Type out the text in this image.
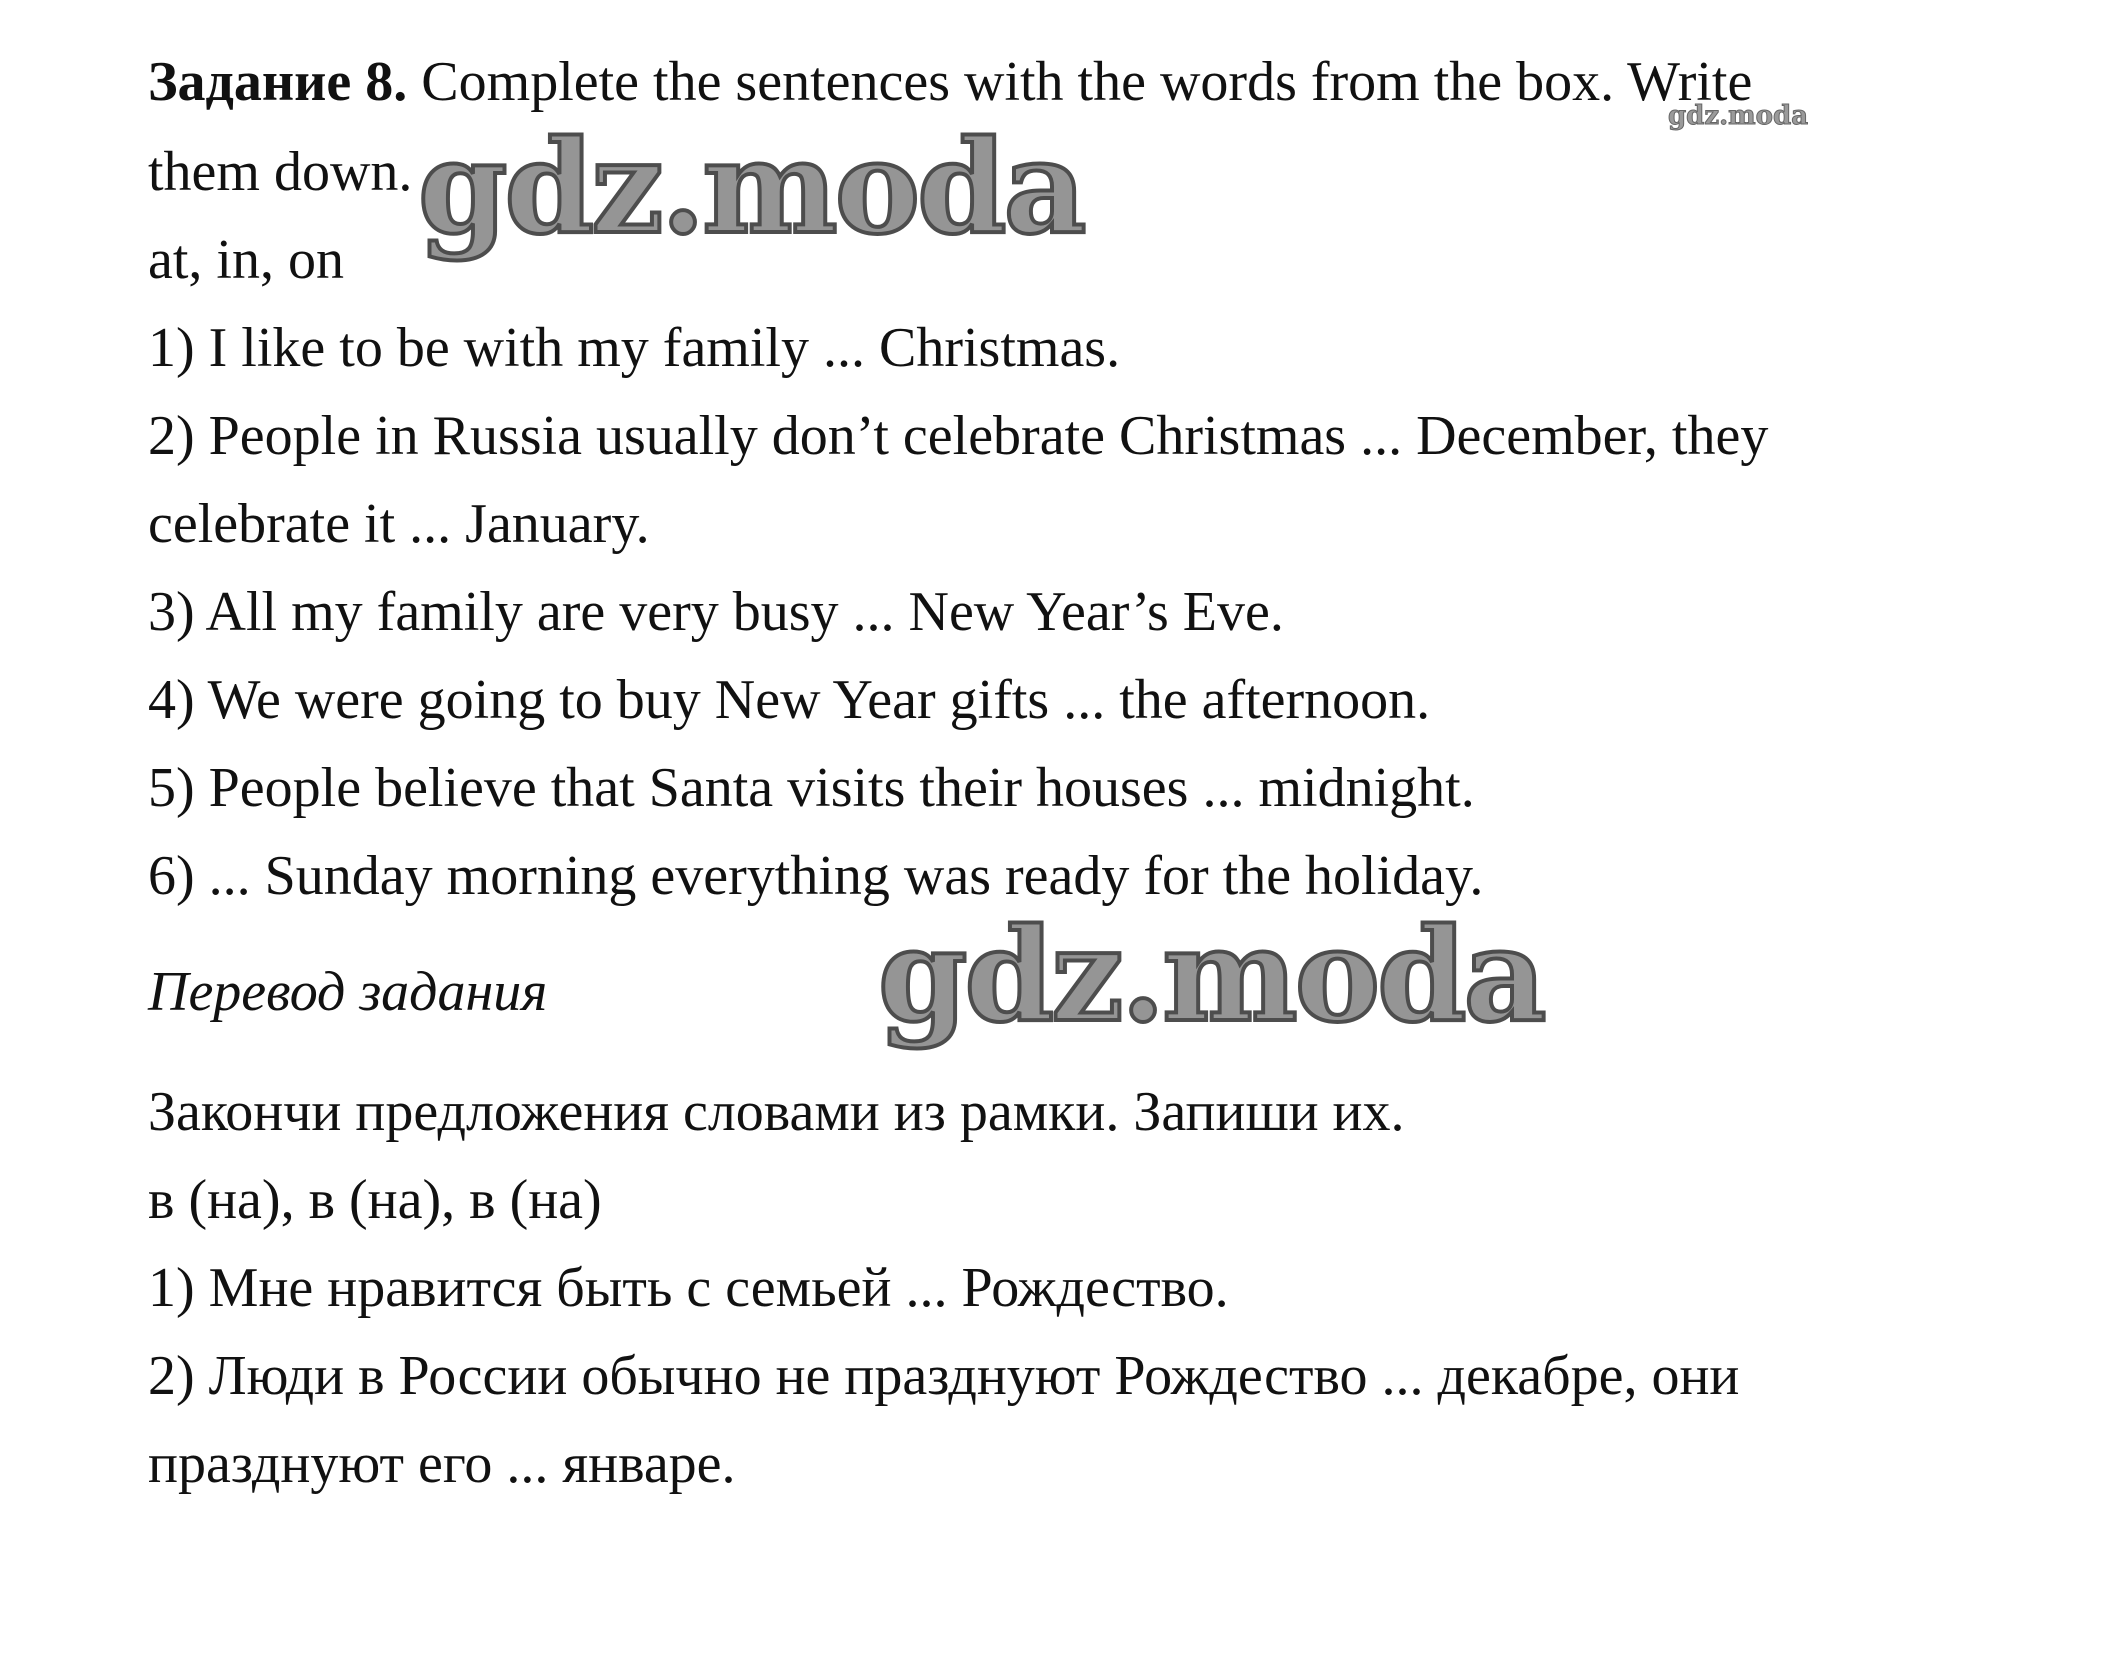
Задание 8. Complete the sentences with the words from the box. Write
gdz.moda
them down. gdz.moda
at, in, on
1) I like to be with my family ... Christmas.
2) People in Russia usually don’t celebrate Christmas ... December, they
celebrate it ... January.
3) All my family are very busy ... New Year’s Eve.
4) We were going to buy New Year gifts ... the afternoon.
5) People believe that Santa visits their houses ... midnight.
6) ... Sunday morning everything was ready for the holiday.
Перевод задания	gdz.moda
Закончи предложения словами из рамки. Запиши их.
в (на), в (на), в (на)
1) Мне нравится быть с семьей ... Рождество.
2) Люди в России обычно не празднуют Рождество ... декабре, они
празднуют его ... январе.
